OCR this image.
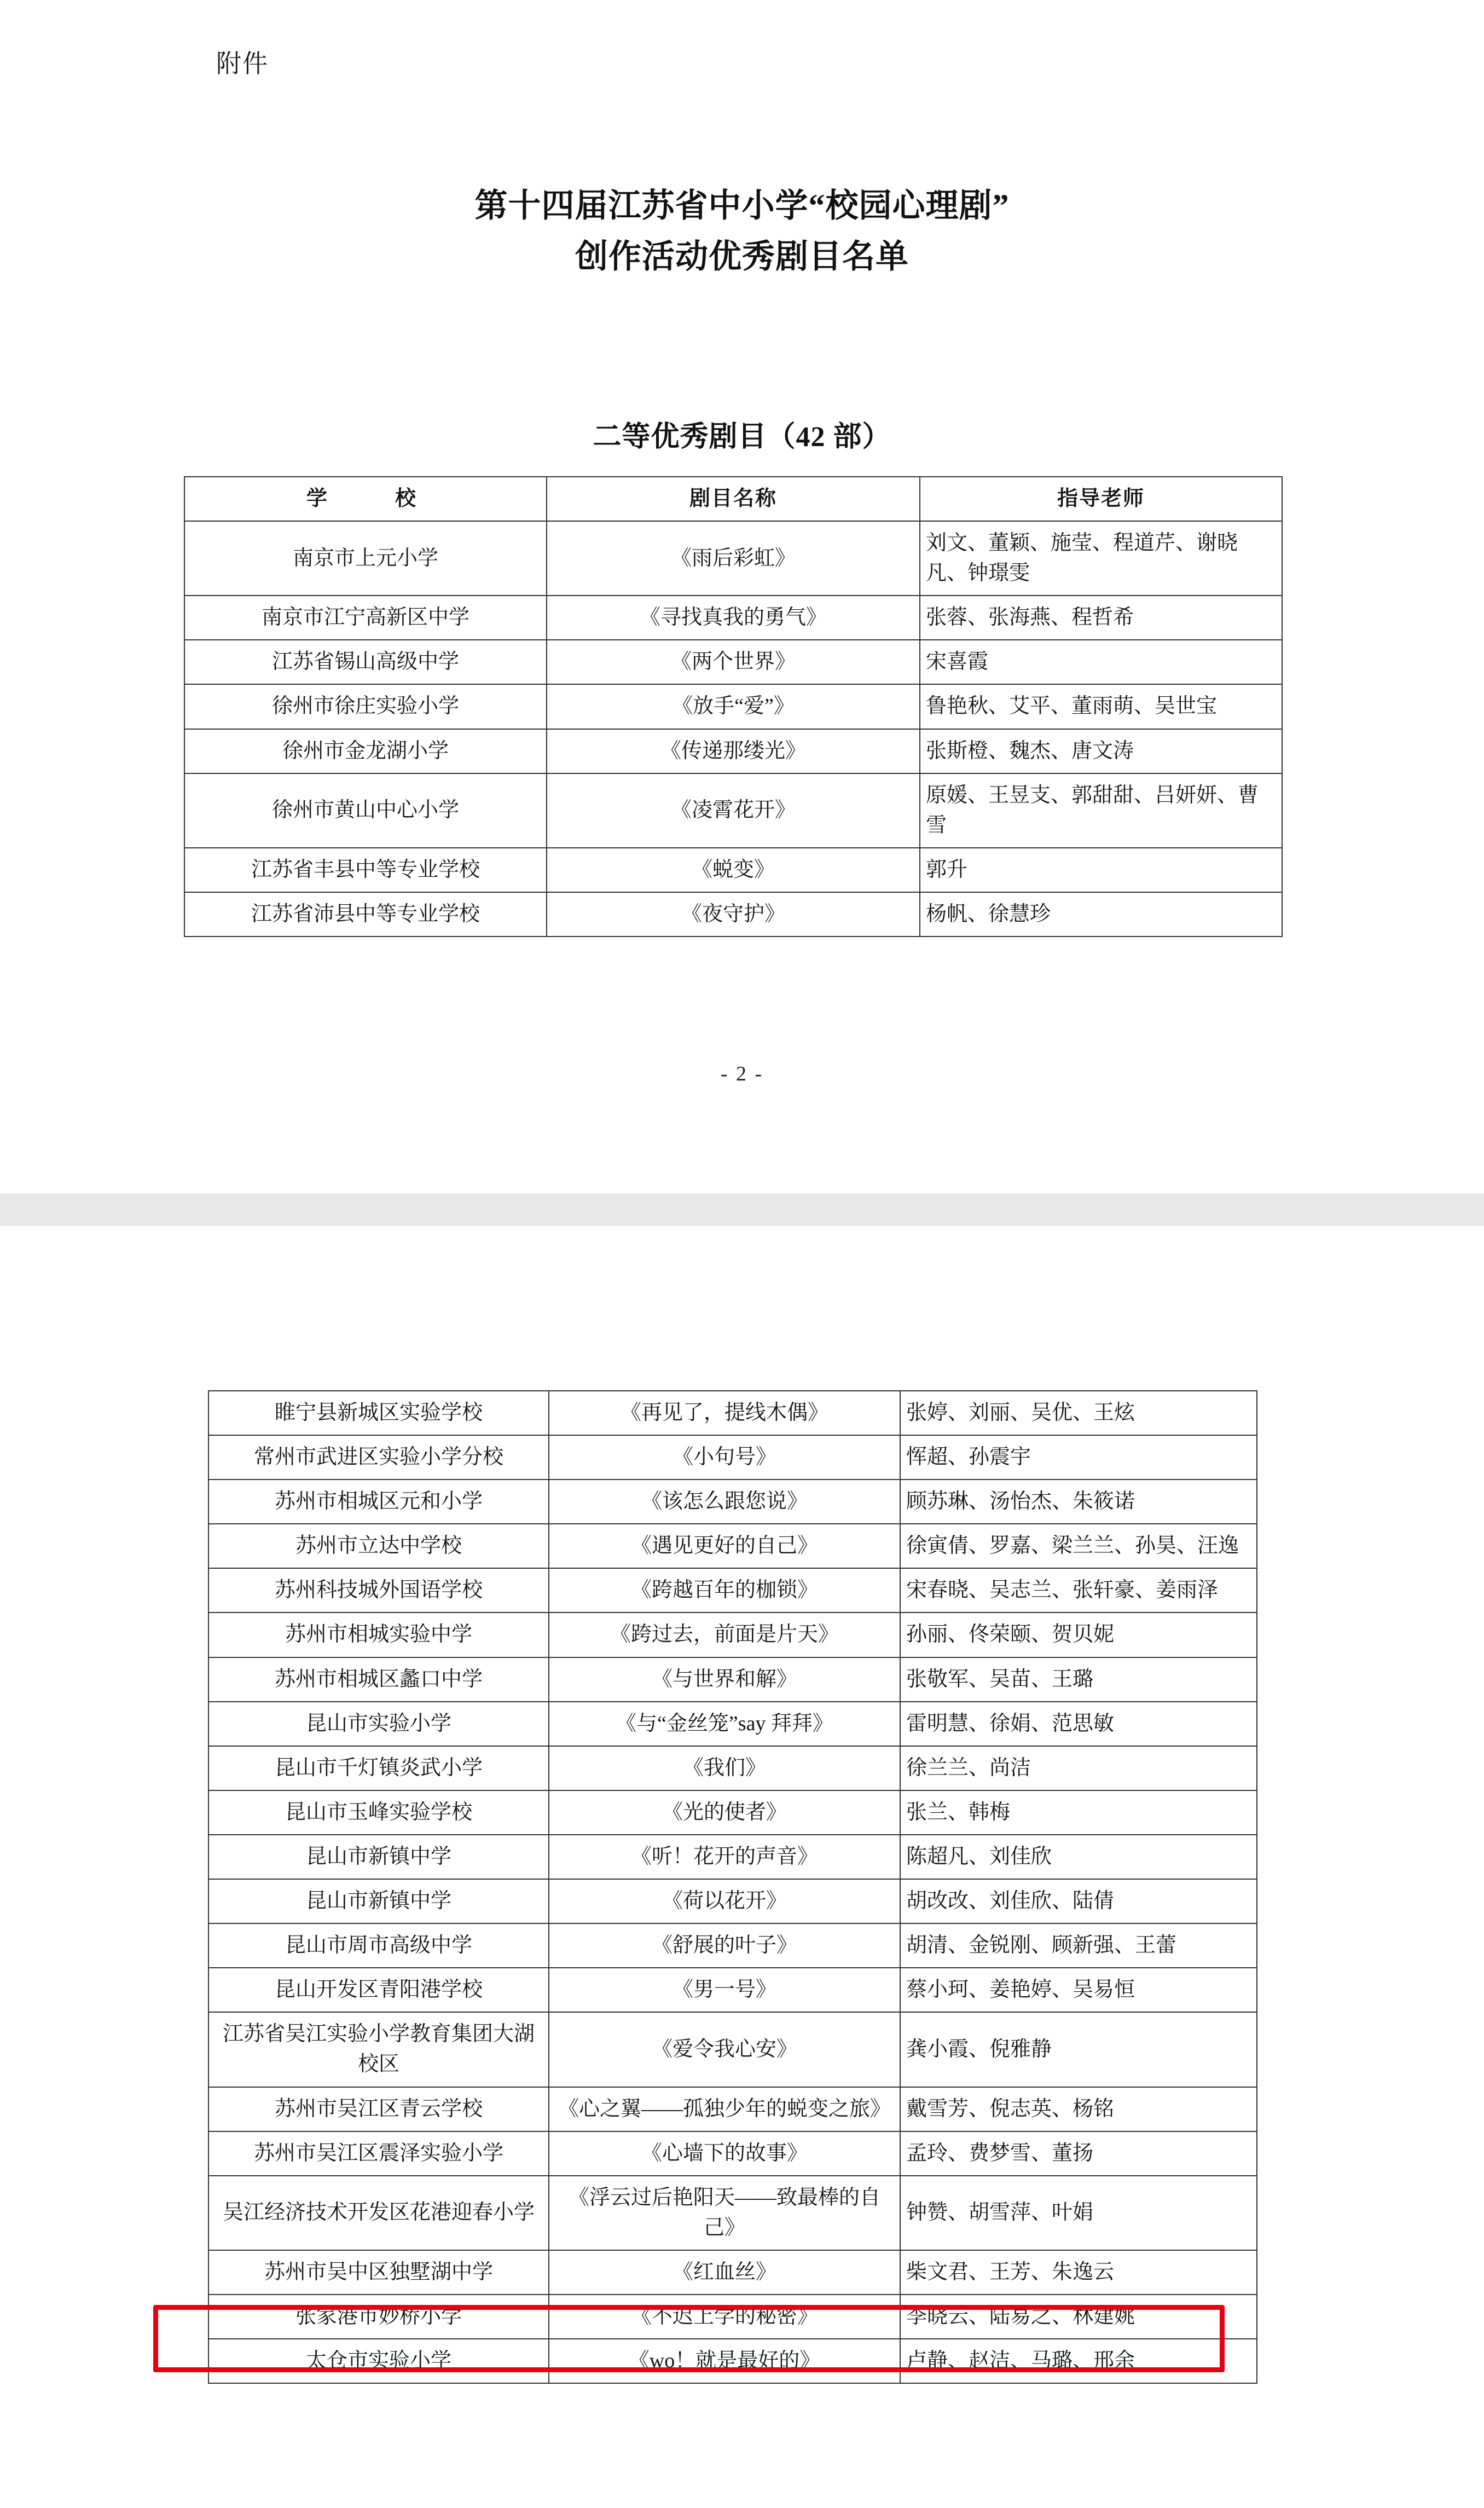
附件
第十四届江苏省中小学“校园心理剧”
创作活动优秀剧目名单
二等优秀剧目（42 部）
学　　校	剧目名称	指导老师
南京市上元小学	《雨后彩虹》	刘文、董颖、施莹、程道芹、谢晓凡、钟璟雯
南京市江宁高新区中学	《寻找真我的勇气》	张蓉、张海燕、程哲希
江苏省锡山高级中学	《两个世界》	宋喜霞
徐州市徐庄实验小学	《放手“爱”》	鲁艳秋、艾平、董雨萌、吴世宝
徐州市金龙湖小学	《传递那缕光》	张斯橙、魏杰、唐文涛
徐州市黄山中心小学	《凌霄花开》	原媛、王昱支、郭甜甜、吕妍妍、曹雪
江苏省丰县中等专业学校	《蜕变》	郭升
江苏省沛县中等专业学校	《夜守护》	杨帆、徐慧珍
- 2 -
睢宁县新城区实验学校	《再见了，提线木偶》	张婷、刘丽、吴优、王炫
常州市武进区实验小学分校	《小句号》	恽超、孙震宇
苏州市相城区元和小学	《该怎么跟您说》	顾苏琳、汤怡杰、朱筱诺
苏州市立达中学校	《遇见更好的自己》	徐寅倩、罗嘉、梁兰兰、孙昊、汪逸
苏州科技城外国语学校	《跨越百年的枷锁》	宋春晓、吴志兰、张轩豪、姜雨泽
苏州市相城实验中学	《跨过去，前面是片天》	孙丽、佟荣颐、贺贝妮
苏州市相城区蠡口中学	《与世界和解》	张敬军、吴苗、王璐
昆山市实验小学	《与“金丝笼”say 拜拜》	雷明慧、徐娟、范思敏
昆山市千灯镇炎武小学	《我们》	徐兰兰、尚洁
昆山市玉峰实验学校	《光的使者》	张兰、韩梅
昆山市新镇中学	《听！花开的声音》	陈超凡、刘佳欣
昆山市新镇中学	《荷以花开》	胡改改、刘佳欣、陆倩
昆山市周市高级中学	《舒展的叶子》	胡清、金锐刚、顾新强、王蕾
昆山开发区青阳港学校	《男一号》	蔡小珂、姜艳婷、吴易恒
江苏省吴江实验小学教育集团大湖校区	《爱令我心安》	龚小霞、倪雅静
苏州市吴江区青云学校	《心之翼——孤独少年的蜕变之旅》	戴雪芳、倪志英、杨铭
苏州市吴江区震泽实验小学	《心墙下的故事》	孟玲、费梦雪、董扬
吴江经济技术开发区花港迎春小学	《浮云过后艳阳天——致最棒的自己》	钟赞、胡雪萍、叶娟
苏州市吴中区独墅湖中学	《红血丝》	柴文君、王芳、朱逸云
张家港市妙桥小学	《不迟上学的秘密》	李晓云、陆易之、林建姚
太仓市实验小学	《wo！就是最好的》	卢静、赵洁、马璐、邢余
